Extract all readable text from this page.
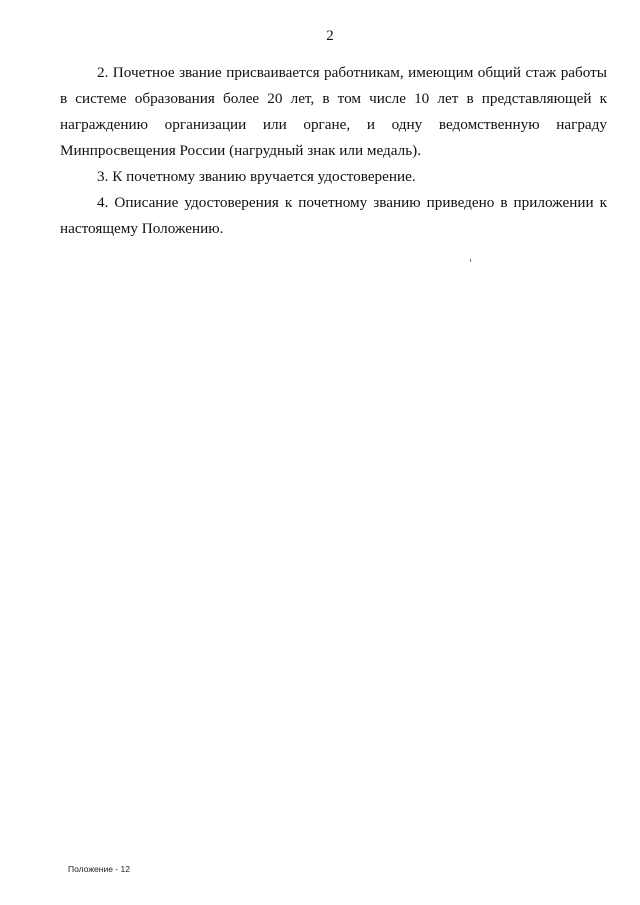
2

2. Почетное звание присваивается работникам, имеющим общий стаж работы в системе образования более 20 лет, в том числе 10 лет в представляющей к награждению организации или органе, и одну ведомственную награду Минпросвещения России (нагрудный знак или медаль).

3. К почетному званию вручается удостоверение.

4. Описание удостоверения к почетному званию приведено в приложении к настоящему Положению.

Положение - 12
